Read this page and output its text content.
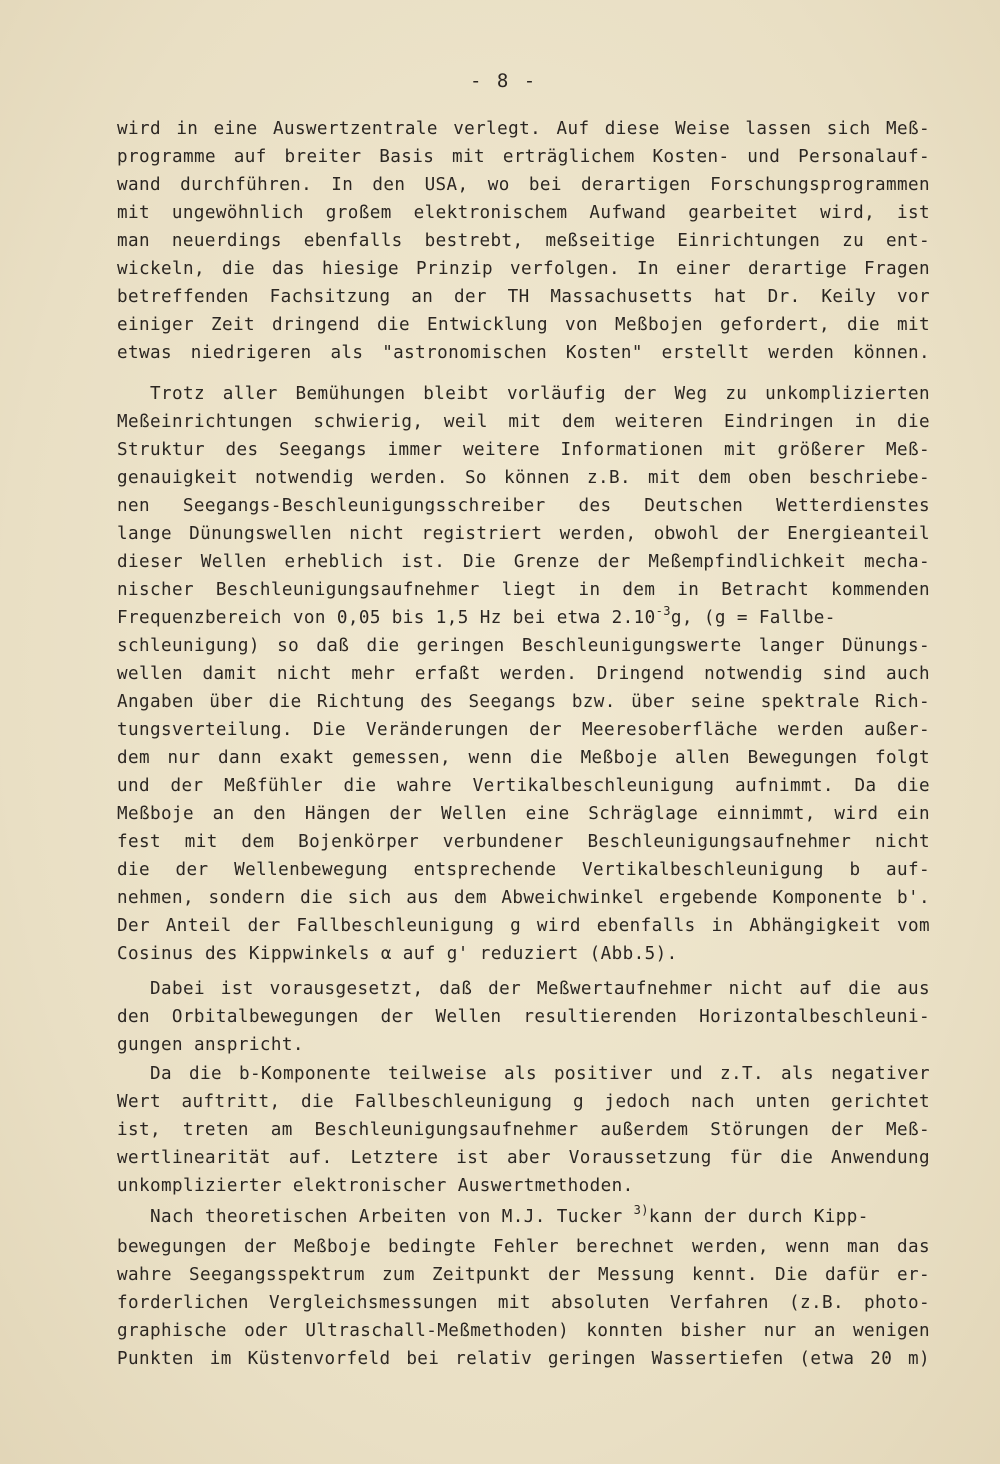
- 8 -
wird in eine Auswertzentrale verlegt. Auf diese Weise lassen sich Meß-
programme auf breiter Basis mit erträglichem Kosten- und Personalauf-
wand durchführen. In den USA, wo bei derartigen Forschungsprogrammen
mit ungewöhnlich großem elektronischem Aufwand gearbeitet wird, ist
man neuerdings ebenfalls bestrebt, meßseitige Einrichtungen zu ent-
wickeln, die das hiesige Prinzip verfolgen. In einer derartige Fragen
betreffenden Fachsitzung an der TH Massachusetts hat Dr. Keily vor
einiger Zeit dringend die Entwicklung von Meßbojen gefordert, die mit
etwas niedrigeren als "astronomischen Kosten" erstellt werden können.
Trotz aller Bemühungen bleibt vorläufig der Weg zu unkomplizierten
Meßeinrichtungen schwierig, weil mit dem weiteren Eindringen in die
Struktur des Seegangs immer weitere Informationen mit größerer Meß-
genauigkeit notwendig werden. So können z.B. mit dem oben beschriebe-
nen Seegangs-Beschleunigungsschreiber des Deutschen Wetterdienstes
lange Dünungswellen nicht registriert werden, obwohl der Energieanteil
dieser Wellen erheblich ist. Die Grenze der Meßempfindlichkeit mecha-
nischer Beschleunigungsaufnehmer liegt in dem in Betracht kommenden
Frequenzbereich von 0,05 bis 1,5 Hz bei etwa $2.10^{-3}g$, (g = Fallbe-
schleunigung) so daß die geringen Beschleunigungswerte langer Dünungs-
wellen damit nicht mehr erfaßt werden. Dringend notwendig sind auch
Angaben über die Richtung des Seegangs bzw. über seine spektrale Rich-
tungsverteilung. Die Veränderungen der Meeresoberfläche werden außer-
dem nur dann exakt gemessen, wenn die Meßboje allen Bewegungen folgt
und der Meßfühler die wahre Vertikalbeschleunigung aufnimmt. Da die
Meßboje an den Hängen der Wellen eine Schräglage einnimmt, wird ein
fest mit dem Bojenkörper verbundener Beschleunigungsaufnehmer nicht
die der Wellenbewegung entsprechende Vertikalbeschleunigung b auf-
nehmen, sondern die sich aus dem Abweichwinkel ergebende Komponente b'.
Der Anteil der Fallbeschleunigung g wird ebenfalls in Abhängigkeit vom
Cosinus des Kippwinkels α auf g' reduziert (Abb.5).
Dabei ist vorausgesetzt, daß der Meßwertaufnehmer nicht auf die aus
den Orbitalbewegungen der Wellen resultierenden Horizontalbeschleuni-
gungen anspricht.
Da die b-Komponente teilweise als positiver und z.T. als negativer
Wert auftritt, die Fallbeschleunigung g jedoch nach unten gerichtet
ist, treten am Beschleunigungsaufnehmer außerdem Störungen der Meß-
wertlinearität auf. Letztere ist aber Voraussetzung für die Anwendung
unkomplizierter elektronischer Auswertmethoden.
Nach theoretischen Arbeiten von M.J. Tucker $^{3)}$kann der durch Kipp-
bewegungen der Meßboje bedingte Fehler berechnet werden, wenn man das
wahre Seegangsspektrum zum Zeitpunkt der Messung kennt. Die dafür er-
forderlichen Vergleichsmessungen mit absoluten Verfahren (z.B. photo-
graphische oder Ultraschall-Meßmethoden) konnten bisher nur an wenigen
Punkten im Küstenvorfeld bei relativ geringen Wassertiefen (etwa 20 m)
